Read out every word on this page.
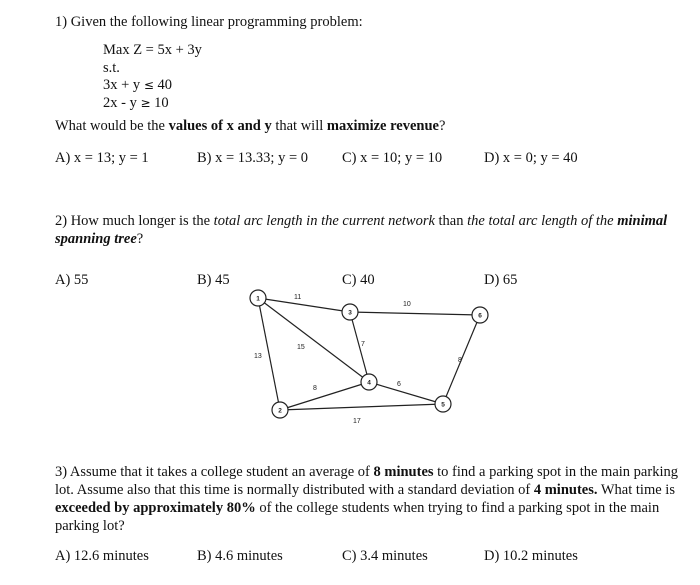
1) Given the following linear programming problem:
Max Z = 5x + 3y
s.t.
3x + y ≤ 40
2x - y ≥ 10
What would be the values of x and y that will maximize revenue?
A) x = 13; y = 1	B) x = 13.33; y = 0 C) x = 10; y = 10	D) x = 0; y = 40
2) How much longer is the total arc length in the current network than the total arc length of the minimal spanning tree?
A) 55	B) 45	C) 40	D) 65
11
13
15
10
7
8
6
17
8
1
2
3
4
5
6
3) Assume that it takes a college student an average of 8 minutes to find a parking spot in the main parking lot. Assume also that this time is normally distributed with a standard deviation of 4 minutes. What time is exceeded by approximately 80% of the college students when trying to find a parking spot in the main parking lot?
A) 12.6 minutes	B) 4.6 minutes	C) 3.4 minutes	D) 10.2 minutes
